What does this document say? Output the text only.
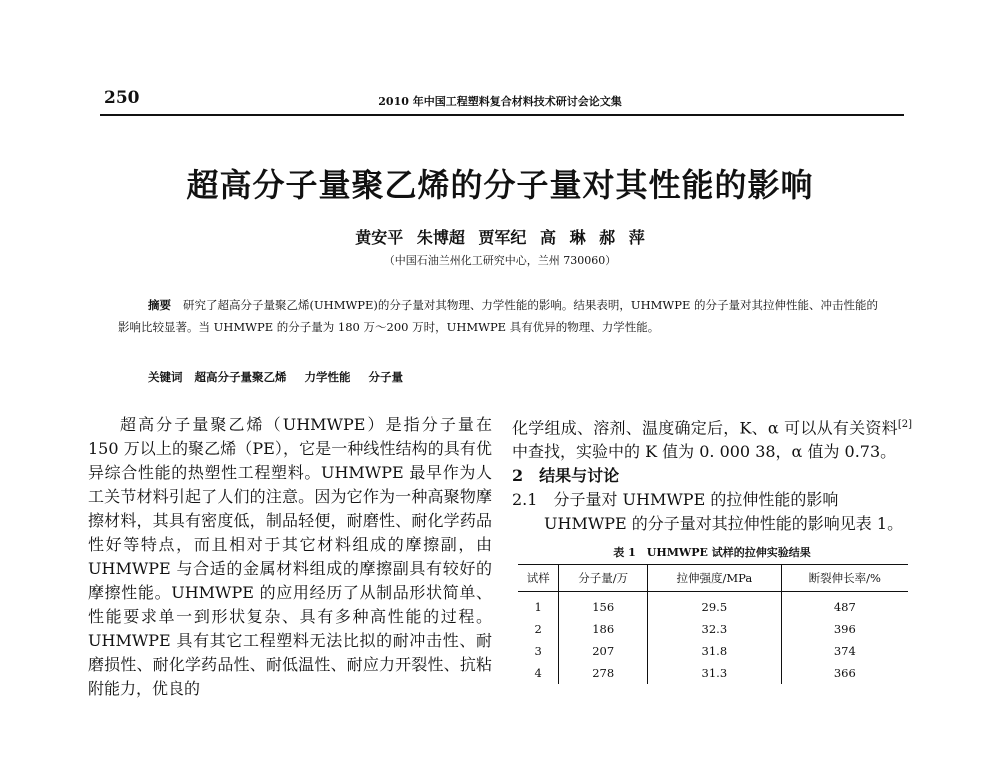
250	2010 年中国工程塑料复合材料技术研讨会论文集
超高分子量聚乙烯的分子量对其性能的影响
黄安平 朱博超 贾军纪 高 琳 郝 萍
（中国石油兰州化工研究中心，兰州 730060）
摘要 研究了超高分子量聚乙烯(UHMWPE)的分子量对其物理、力学性能的影响。结果表明，UHMWPE 的分子量对其拉伸性能、冲击性能的影响比较显著。当 UHMWPE 的分子量为 180 万～200 万时，UHMWPE 具有优异的物理、力学性能。
关键词 超高分子量聚乙烯 力学性能 分子量
超高分子量聚乙烯（UHMWPE）是指分子量在 150 万以上的聚乙烯（PE），它是一种线性结构的具有优异综合性能的热塑性工程塑料。UHMWPE 最早作为人工关节材料引起了人们的注意。因为它作为一种高聚物摩擦材料，其具有密度低，制品轻便，耐磨性、耐化学药品性好等特点，而且相对于其它材料组成的摩擦副，由 UHMWPE 与合适的金属材料组成的摩擦副具有较好的摩擦性能。UHMWPE 的应用经历了从制品形状简单、性能要求单一到形状复杂、具有多种高性能的过程。UHMWPE 具有其它工程塑料无法比拟的耐冲击性、耐磨损性、耐化学药品性、耐低温性、耐应力开裂性、抗粘附能力，优良的

化学组成、溶剂、温度确定后，K、α 可以从有关资料[2]中查找，实验中的 K 值为 0. 000 38，α 值为 0.73。

2　结果与讨论

2.1　分子量对 UHMWPE 的拉伸性能的影响

UHMWPE 的分子量对其拉伸性能的影响见表 1。

表 1　UHMWPE 试样的拉伸实验结果
试样	分子量/万	拉伸强度/MPa	断裂伸长率/%
1	156	29.5	487
2	186	32.3	396
3	207	31.8	374
4	278	31.3	366
